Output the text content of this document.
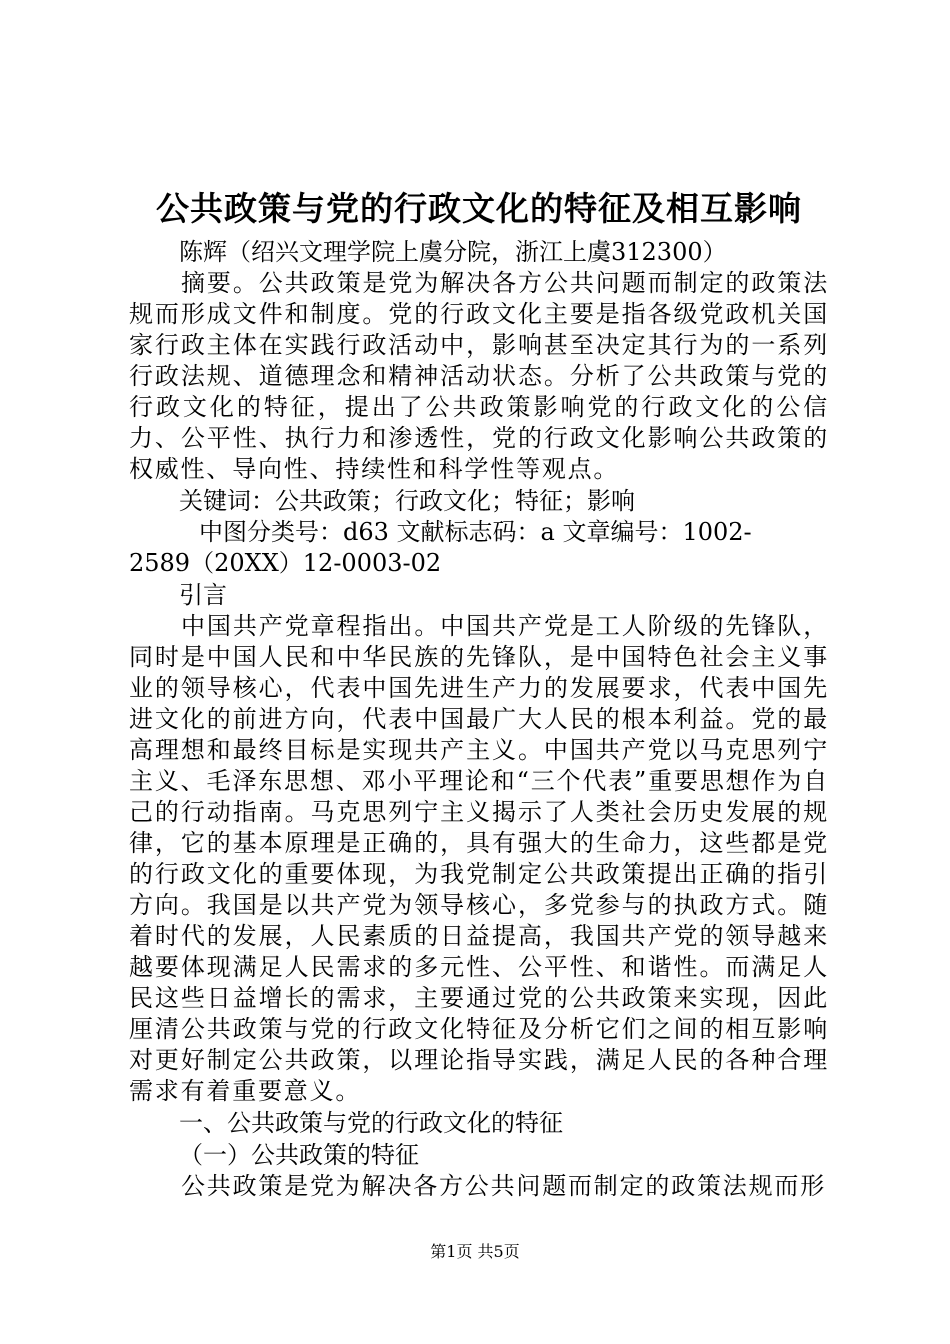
公共政策与党的行政文化的特征及相互影响

陈辉（绍兴文理学院上虞分院，浙江上虞312300）

摘要。公共政策是党为解决各方公共问题而制定的政策法规而形成文件和制度。党的行政文化主要是指各级党政机关国家行政主体在实践行政活动中，影响甚至决定其行为的一系列行政法规、道德理念和精神活动状态。分析了公共政策与党的行政文化的特征，提出了公共政策影响党的行政文化的公信力、公平性、执行力和渗透性，党的行政文化影响公共政策的权威性、导向性、持续性和科学性等观点。

关键词：公共政策；行政文化；特征；影响

中图分类号：d63 文献标志码：a 文章编号：1002-

2589（20XX）12-0003-02

引言

中国共产党章程指出。中国共产党是工人阶级的先锋队，同时是中国人民和中华民族的先锋队，是中国特色社会主义事业的领导核心，代表中国先进生产力的发展要求，代表中国先进文化的前进方向，代表中国最广大人民的根本利益。党的最高理想和最终目标是实现共产主义。中国共产党以马克思列宁主义、毛泽东思想、邓小平理论和“三个代表”重要思想作为自己的行动指南。马克思列宁主义揭示了人类社会历史发展的规律，它的基本原理是正确的，具有强大的生命力，这些都是党的行政文化的重要体现，为我党制定公共政策提出正确的指引方向。我国是以共产党为领导核心，多党参与的执政方式。随着时代的发展，人民素质的日益提高，我国共产党的领导越来越要体现满足人民需求的多元性、公平性、和谐性。而满足人民这些日益增长的需求，主要通过党的公共政策来实现，因此厘清公共政策与党的行政文化特征及分析它们之间的相互影响对更好制定公共政策，以理论指导实践，满足人民的各种合理需求有着重要意义。

一、公共政策与党的行政文化的特征

（一）公共政策的特征

公共政策是党为解决各方公共问题而制定的政策法规而形

第1页 共5页
